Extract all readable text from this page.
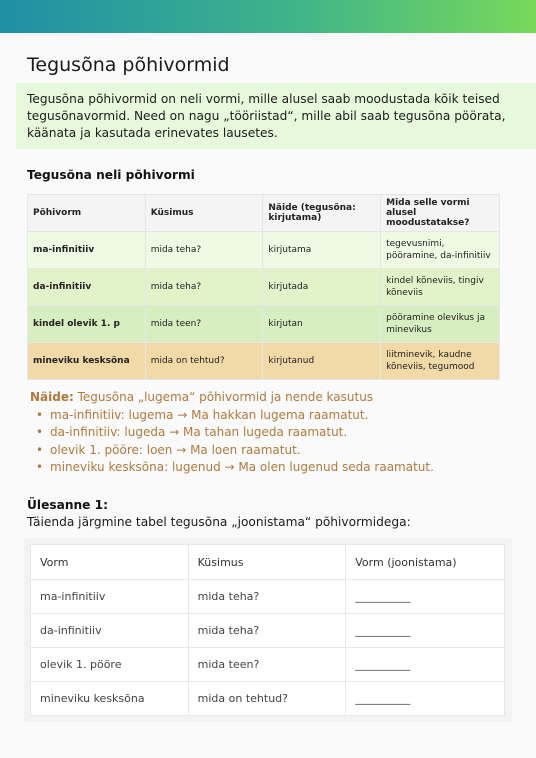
Tegusõna põhivormid

Tegusõna põhivormid on neli vormi, mille alusel saab moodustada kõik teised tegusõnavormid. Need on nagu „tööriistad“, mille abil saab tegusõna pöörata, käänata ja kasutada erinevates lausetes.

Tegusõna neli põhivormi
Põhivorm	Küsimus	Näide (tegusõna: kirjutama)	Mida selle vormi alusel moodustatakse?
ma-infinitiiv	mida teha?	kirjutama	tegevusnimi, pööramine, da-infinitiiv
da-infinitiiv	mida teha?	kirjutada	kindel kõneviis, tingiv kõneviis
kindel olevik 1. p	mida teen?	kirjutan	pööramine olevikus ja minevikus
mineviku kesksõna	mida on tehtud?	kirjutanud	liitminevik, kaudne kõneviis, tegumood

Näide: Tegusõna „lugema“ põhivormid ja nende kasutus

• ma-infinitiiv: lugema → Ma hakkan lugema raamatut.
• da-infinitiiv: lugeda → Ma tahan lugeda raamatut.
• olevik 1. pööre: loen → Ma loen raamatut.
• mineviku kesksõna: lugenud → Ma olen lugenud seda raamatut.
Ülesanne 1:

Täienda järgmine tabel tegusõna „joonistama“ põhivormidega:

Vorm	Küsimus	Vorm (joonistama)
ma-infinitiiv	mida teha?	__________
da-infinitiiv	mida teha?	__________
olevik 1. pööre	mida teen?	__________
mineviku kesksõna	mida on tehtud?	__________
